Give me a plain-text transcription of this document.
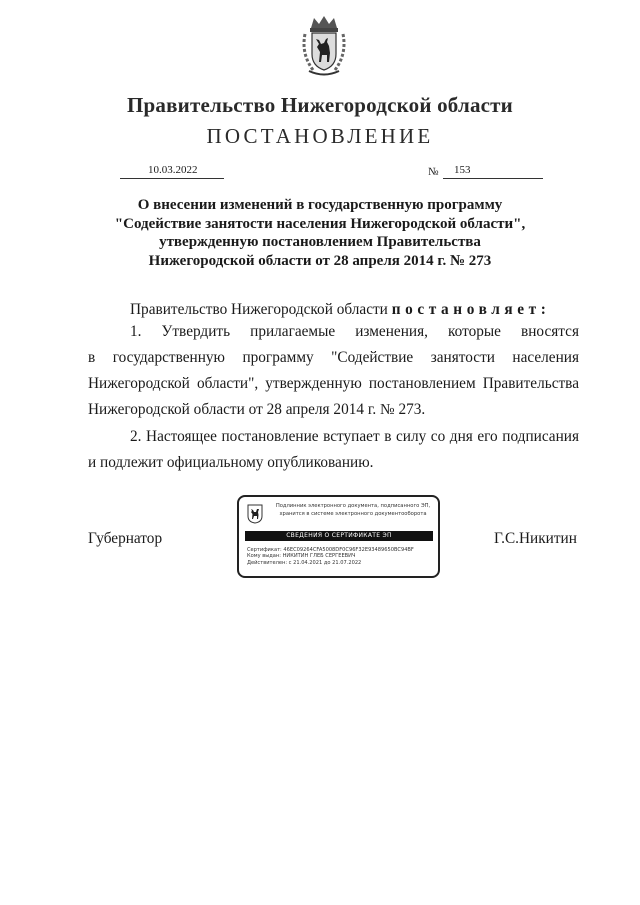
Правительство Нижегородской области
ПОСТАНОВЛЕНИЕ
10.03.2022	№ 153
О внесении изменений в государственную программу
"Содействие занятости населения Нижегородской области",
утвержденную постановлением Правительства
Нижегородской области от 28 апреля 2014 г. № 273
Правительство Нижегородской области постановляет:
1. Утвердить прилагаемые изменения, которые вносятся
в государственную программу "Содействие занятости населения
Нижегородской области", утвержденную постановлением Правительства
Нижегородской области от 28 апреля 2014 г. № 273.
2. Настоящее постановление вступает в силу со дня его подписания
и подлежит официальному опубликованию.
Губернатор	Г.С.Никитин
Подлинник электронного документа, подписанного ЭП,
хранится в системе электронного документооборота
СВЕДЕНИЯ О СЕРТИФИКАТЕ ЭП
Сертификат: 46EC09264CFA5008DF0C96F32E93489650BC94BF
Кому выдан: НИКИТИН ГЛЕБ СЕРГЕЕВИЧ
Действителен: с 21.04.2021 до 21.07.2022
